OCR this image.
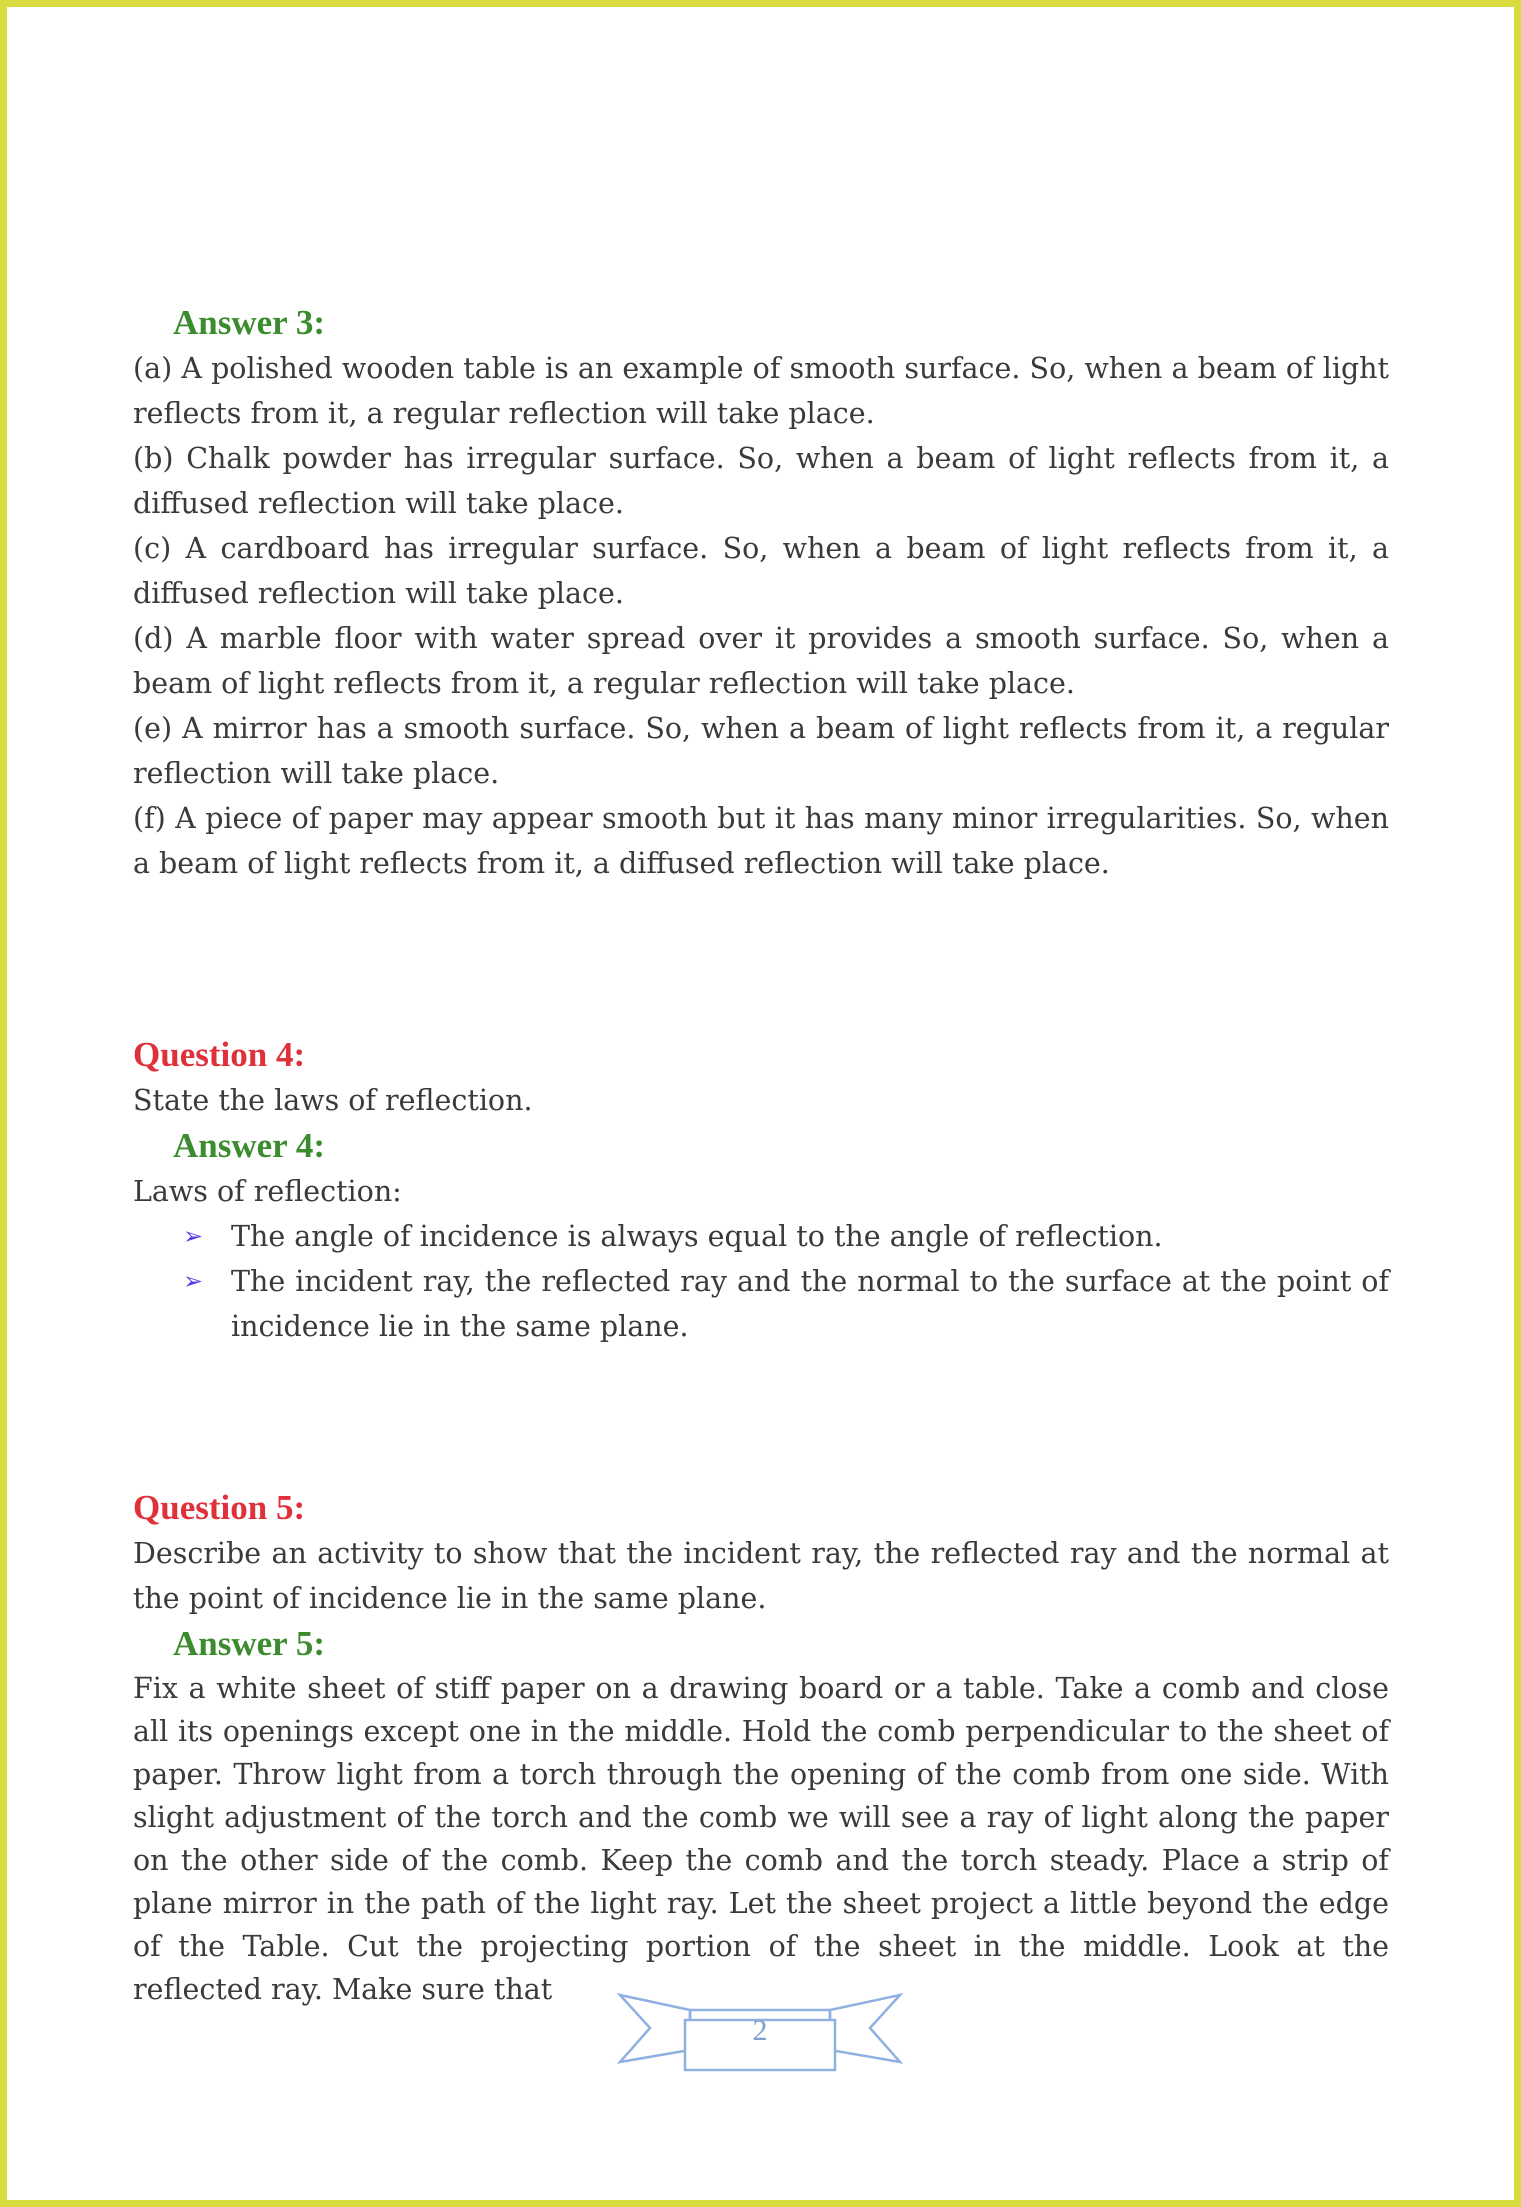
Answer 3:

(a) A polished wooden table is an example of smooth surface. So, when a beam of light reflects from it, a regular reflection will take place.

(b) Chalk powder has irregular surface. So, when a beam of light reflects from it, a diffused reflection will take place.

(c) A cardboard has irregular surface. So, when a beam of light reflects from it, a diffused reflection will take place.

(d) A marble floor with water spread over it provides a smooth surface. So, when a beam of light reflects from it, a regular reflection will take place.

(e) A mirror has a smooth surface. So, when a beam of light reflects from it, a regular reflection will take place.

(f) A piece of paper may appear smooth but it has many minor irregularities. So, when a beam of light reflects from it, a diffused reflection will take place.

Question 4:

State the laws of reflection.

Answer 4:

Laws of reflection:

➢ The angle of incidence is always equal to the angle of reflection.
➢ The incident ray, the reflected ray and the normal to the surface at the point of incidence lie in the same plane.
Question 5:

Describe an activity to show that the incident ray, the reflected ray and the normal at the point of incidence lie in the same plane.

Answer 5:

Fix a white sheet of stiff paper on a drawing board or a table. Take a comb and close all its openings except one in the middle. Hold the comb perpendicular to the sheet of paper. Throw light from a torch through the opening of the comb from one side. With slight adjustment of the torch and the comb we will see a ray of light along the paper on the other side of the comb. Keep the comb and the torch steady. Place a strip of plane mirror in the path of the light ray. Let the sheet project a little beyond the edge of the Table. Cut the projecting portion of the sheet in the middle. Look at the reflected ray. Make sure that

2
